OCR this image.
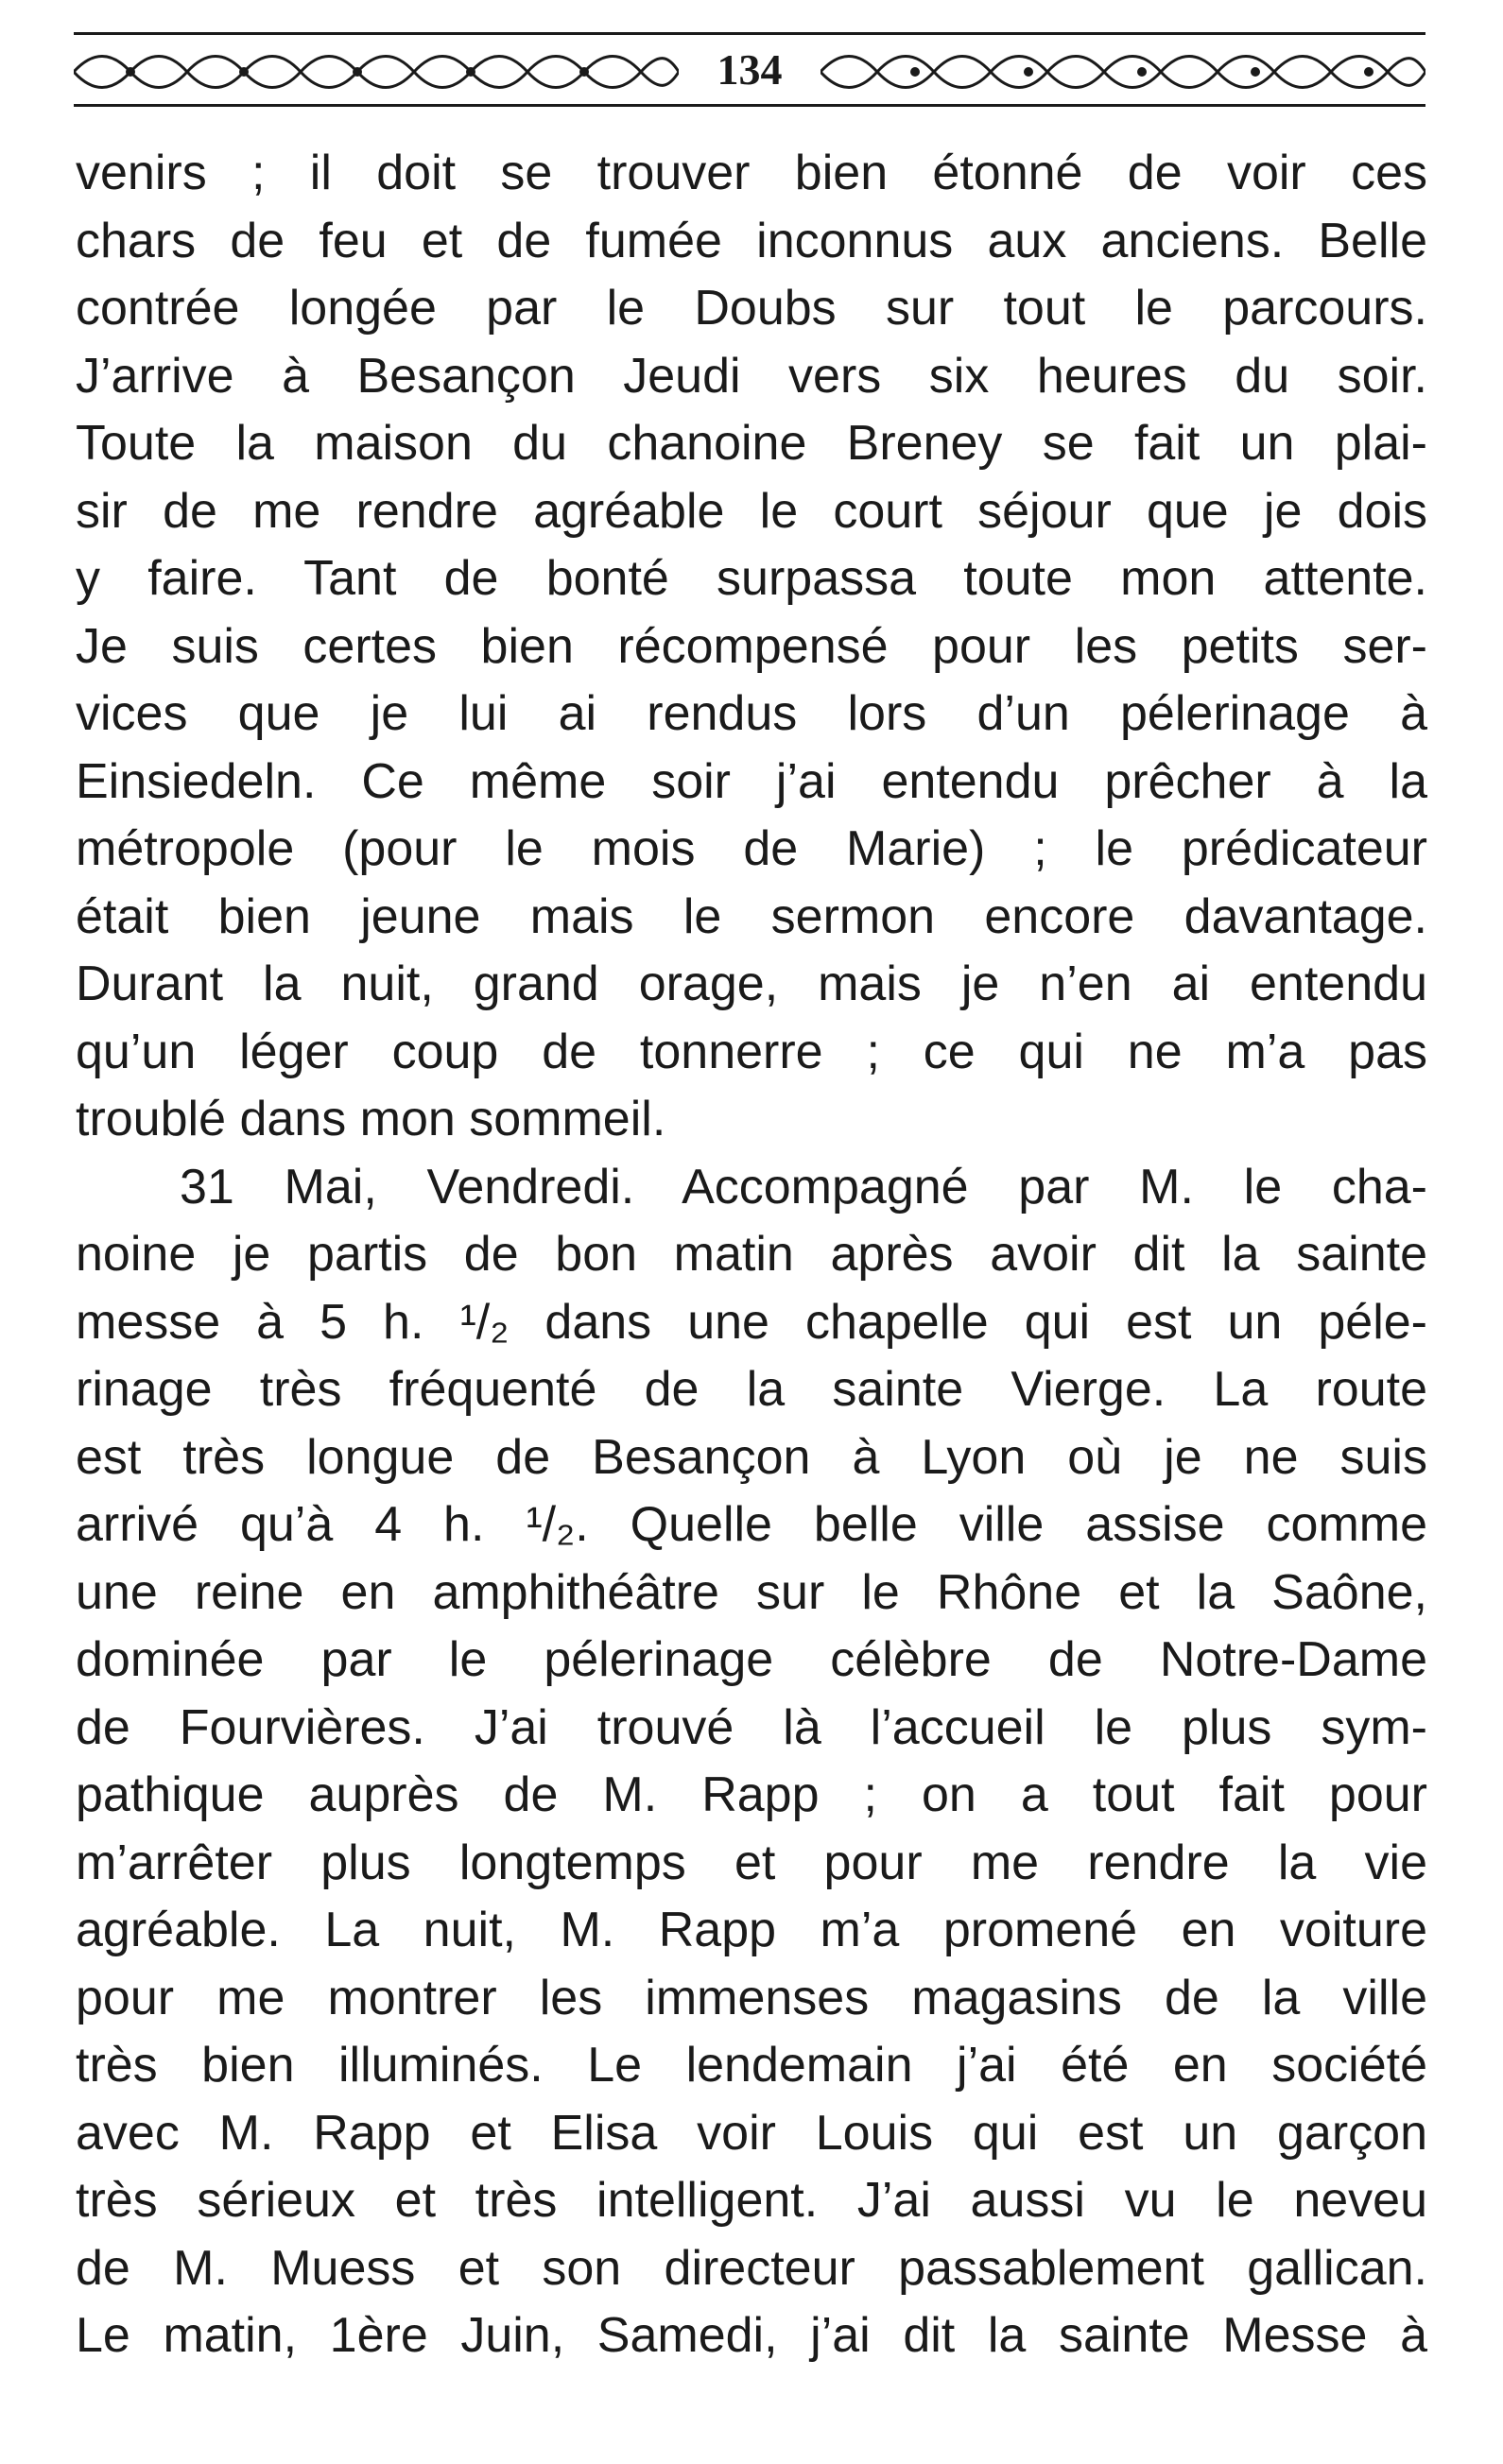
134
venirs ; il doit se trouver bien étonné de voir ces
chars de feu et de fumée inconnus aux anciens. Belle
contrée longée par le Doubs sur tout le parcours.
J’arrive à Besançon Jeudi vers six heures du soir.
Toute la maison du chanoine Breney se fait un plai-
sir de me rendre agréable le court séjour que je dois
y faire. Tant de bonté surpassa toute mon attente.
Je suis certes bien récompensé pour les petits ser-
vices que je lui ai rendus lors d’un pélerinage à
Einsiedeln. Ce même soir j’ai entendu prêcher à la
métropole (pour le mois de Marie) ; le prédicateur
était bien jeune mais le sermon encore davantage.
Durant la nuit, grand orage, mais je n’en ai entendu
qu’un léger coup de tonnerre ; ce qui ne m’a pas
troublé dans mon sommeil.
31 Mai, Vendredi. Accompagné par M. le cha-
noine je partis de bon matin après avoir dit la sainte
messe à 5 h. ¹/₂ dans une chapelle qui est un péle-
rinage très fréquenté de la sainte Vierge. La route
est très longue de Besançon à Lyon où je ne suis
arrivé qu’à 4 h. ¹/₂. Quelle belle ville assise comme
une reine en amphithéâtre sur le Rhône et la Saône,
dominée par le pélerinage célèbre de Notre-Dame
de Fourvières. J’ai trouvé là l’accueil le plus sym-
pathique auprès de M. Rapp ; on a tout fait pour
m’arrêter plus longtemps et pour me rendre la vie
agréable. La nuit, M. Rapp m’a promené en voiture
pour me montrer les immenses magasins de la ville
très bien illuminés. Le lendemain j’ai été en société
avec M. Rapp et Elisa voir Louis qui est un garçon
très sérieux et très intelligent. J’ai aussi vu le neveu
de M. Muess et son directeur passablement gallican.
Le matin, 1ère Juin, Samedi, j’ai dit la sainte Messe à
